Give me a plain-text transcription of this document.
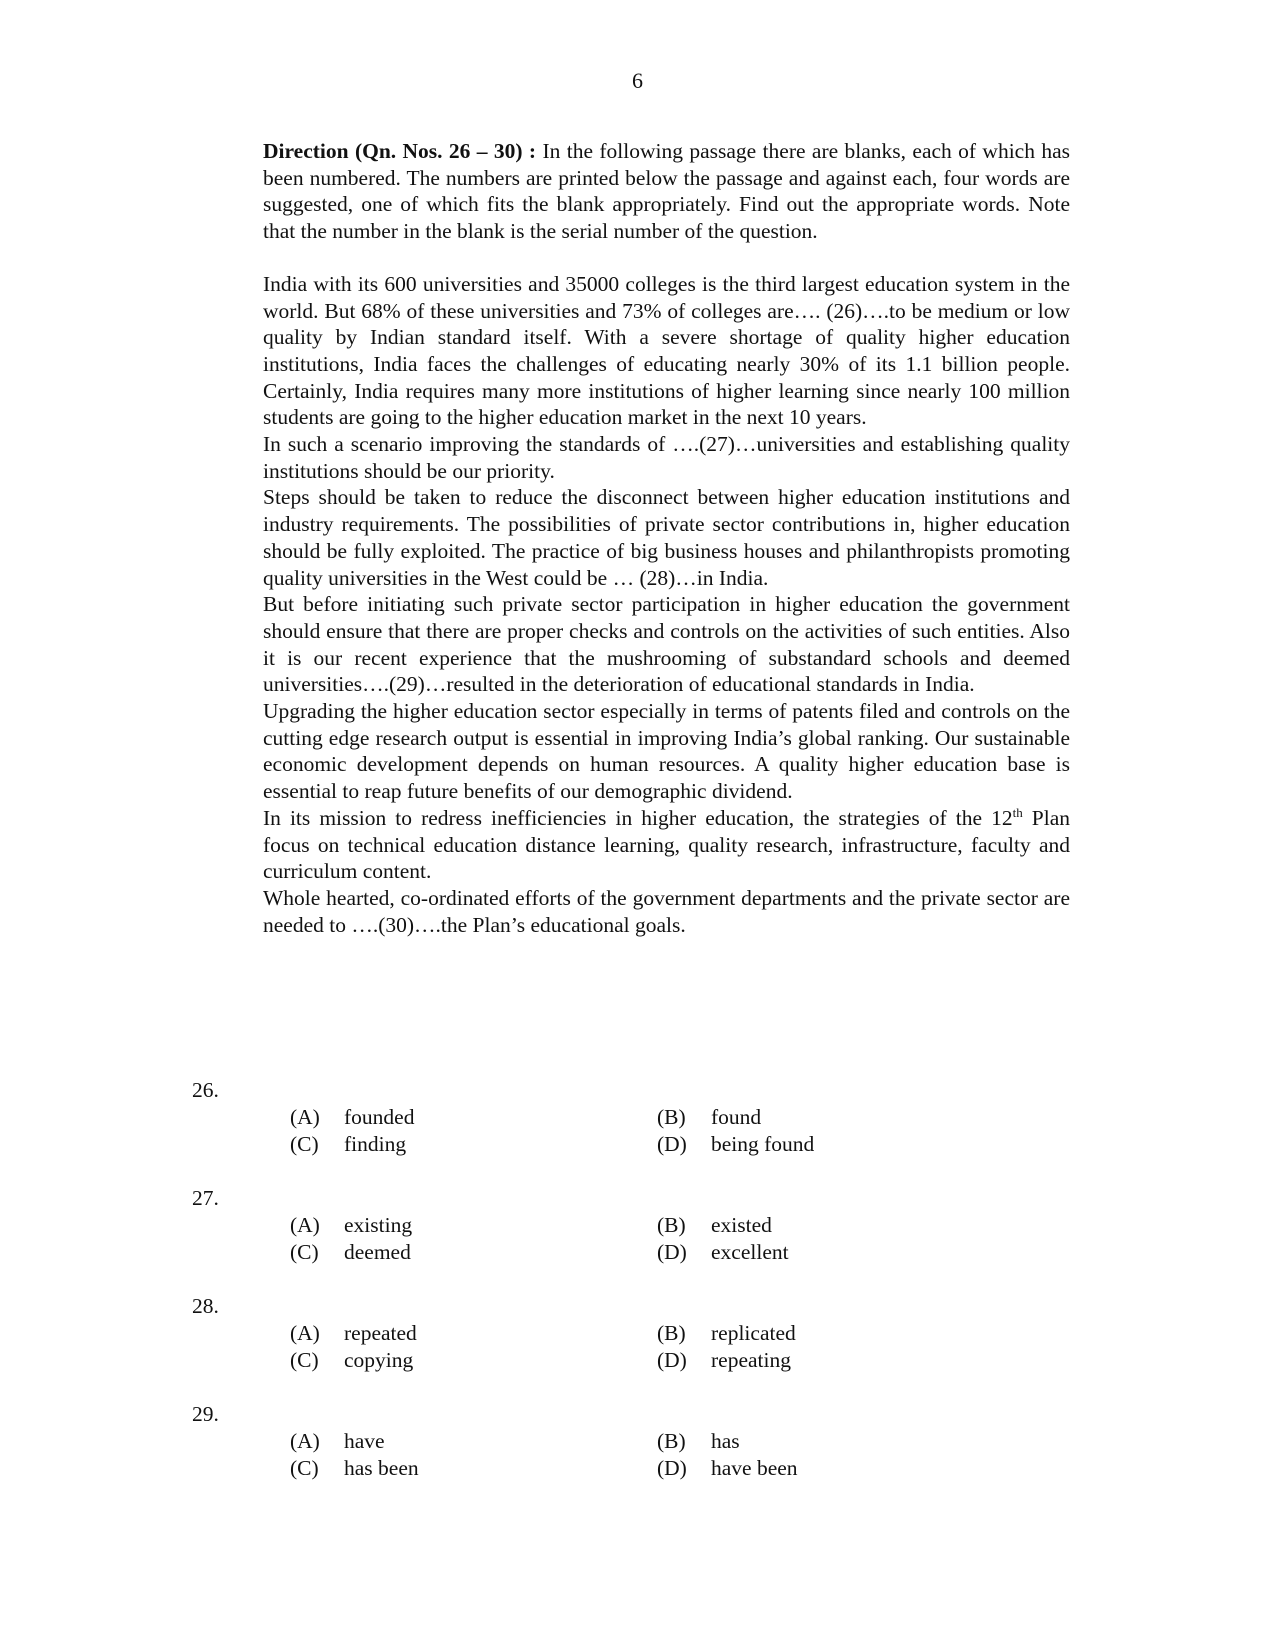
6

Direction (Qn. Nos. 26 – 30) : In the following passage there are blanks, each of which has been numbered. The numbers are printed below the passage and against each, four words are suggested, one of which fits the blank appropriately. Find out the appropriate words. Note that the number in the blank is the serial number of the question.

India with its 600 universities and 35000 colleges is the third largest education system in the world. But 68% of these universities and 73% of colleges are…. (26)….to be medium or low quality by Indian standard itself. With a severe shortage of quality higher education institutions, India faces the challenges of educating nearly 30% of its 1.1 billion people. Certainly, India requires many more institutions of higher learning since nearly 100 million students are going to the higher education market in the next 10 years.

In such a scenario improving the standards of ….(27)…universities and establishing quality institutions should be our priority.

Steps should be taken to reduce the disconnect between higher education institutions and industry requirements. The possibilities of private sector contributions in, higher education should be fully exploited. The practice of big business houses and philanthropists promoting quality universities in the West could be … (28)…in India.

But before initiating such private sector participation in higher education the government should ensure that there are proper checks and controls on the activities of such entities. Also it is our recent experience that the mushrooming of substandard schools and deemed universities….(29)…resulted in the deterioration of educational standards in India.

Upgrading the higher education sector especially in terms of patents filed and controls on the cutting edge research output is essential in improving India’s global ranking. Our sustainable economic development depends on human resources. A quality higher education base is essential to reap future benefits of our demographic dividend.

In its mission to redress inefficiencies in higher education, the strategies of the 12th Plan focus on technical education distance learning, quality research, infrastructure, faculty and curriculum content.

Whole hearted, co-ordinated efforts of the government departments and the private sector are needed to ….(30)….the Plan’s educational goals.

26.
(A) founded	(B) found
(C) finding	(D) being found
27.
(A) existing	(B) existed
(C) deemed	(D) excellent
28.
(A) repeated	(B) replicated
(C) copying	(D) repeating
29.
(A) have	(B) has
(C) has been	(D) have been
